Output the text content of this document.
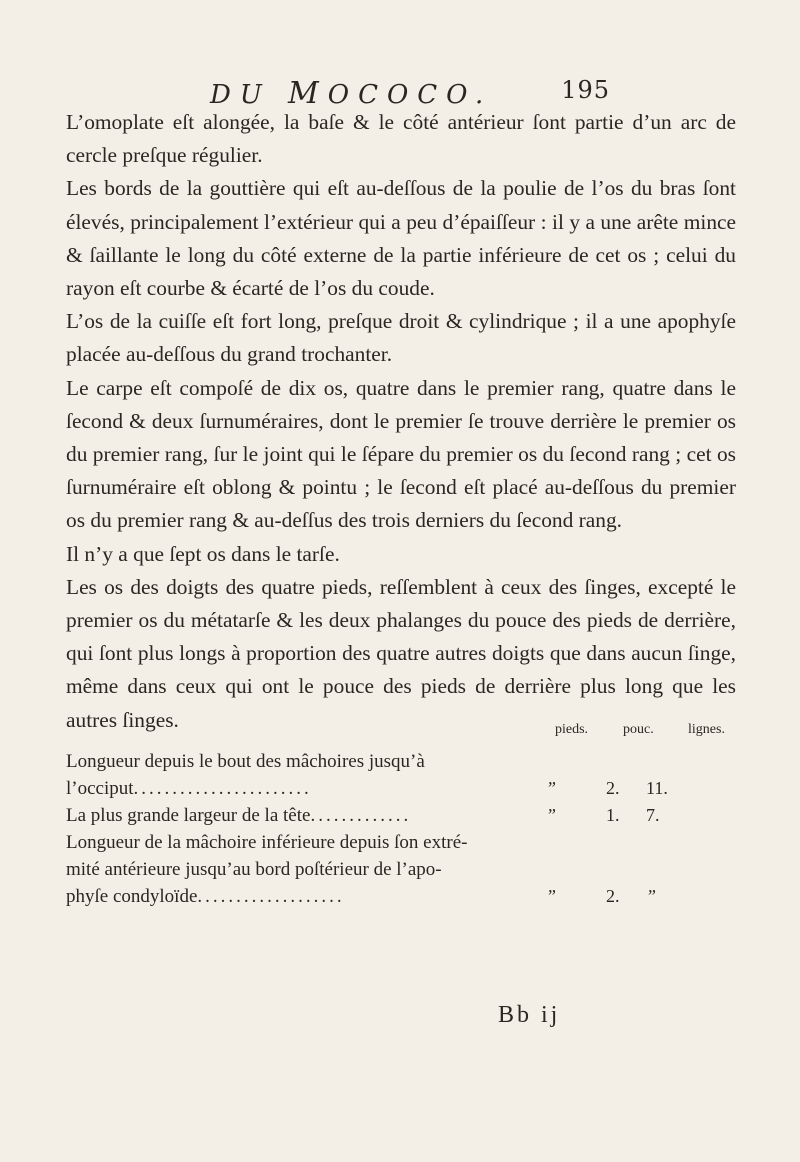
DU MOCOCO.	195

L’omoplate eſt alongée, la baſe & le côté antérieur ſont partie d’un arc de cercle preſque régulier.

Les bords de la gouttière qui eſt au-deſſous de la poulie de l’os du bras ſont élevés, principalement l’extérieur qui a peu d’épaiſſeur : il y a une arête mince & ſaillante le long du côté externe de la partie inférieure de cet os ; celui du rayon eſt courbe & écarté de l’os du coude.

L’os de la cuiſſe eſt fort long, preſque droit & cylindrique ; il a une apophyſe placée au-deſſous du grand trochanter.

Le carpe eſt compoſé de dix os, quatre dans le premier rang, quatre dans le ſecond & deux ſurnuméraires, dont le premier ſe trouve derrière le premier os du premier rang, ſur le joint qui le ſépare du premier os du ſecond rang ; cet os ſurnuméraire eſt oblong & pointu ; le ſecond eſt placé au-deſſous du premier os du premier rang & au-deſſus des trois derniers du ſecond rang.

Il n’y a que ſept os dans le tarſe.

Les os des doigts des quatre pieds, reſſemblent à ceux des ſinges, excepté le premier os du métatarſe & les deux phalanges du pouce des pieds de derrière, qui ſont plus longs à proportion des quatre autres doigts que dans aucun ſinge, même dans ceux qui ont le pouce des pieds de derrière plus long que les autres ſinges.	pieds. pouc. lignes.
Longueur depuis le bout des mâchoires jusqu’à
l’occiput.......................	”	2. 11.
La plus grande largeur de la tête.............	”	1. 7.
Longueur de la mâchoire inférieure depuis ſon extré-
mité antérieure jusqu’au bord poſtérieur de l’apo-
phyſe condyloïde...................	”	2. ”
Bb ij
